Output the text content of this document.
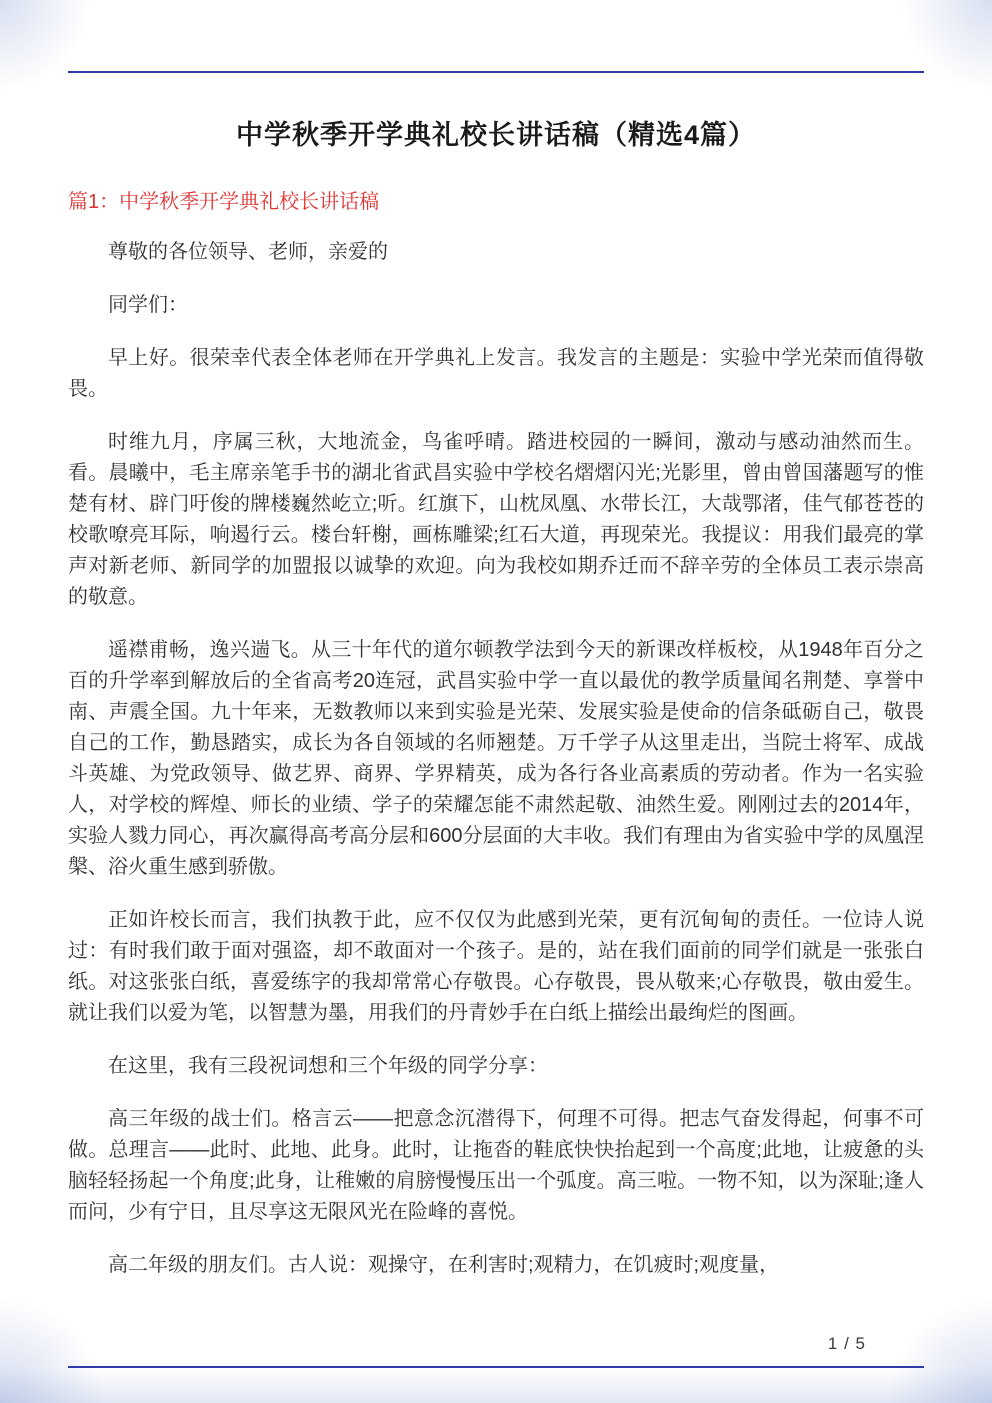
中学秋季开学典礼校长讲话稿（精选4篇）
篇1：中学秋季开学典礼校长讲话稿

尊敬的各位领导、老师，亲爱的

同学们：

早上好。很荣幸代表全体老师在开学典礼上发言。我发言的主题是：实验中学光荣而值得敬畏。

时维九月，序属三秋，大地流金，鸟雀呼晴。踏进校园的一瞬间，激动与感动油然而生。看。晨曦中，毛主席亲笔手书的湖北省武昌实验中学校名熠熠闪光;光影里，曾由曾国藩题写的惟楚有材、辟门吁俊的牌楼巍然屹立;听。红旗下，山枕凤凰、水带长江，大哉鄂渚，佳气郁苍苍的校歌嘹亮耳际，响遏行云。楼台轩榭，画栋雕梁;红石大道，再现荣光。我提议：用我们最亮的掌声对新老师、新同学的加盟报以诚挚的欢迎。向为我校如期乔迁而不辞辛劳的全体员工表示崇高的敬意。

遥襟甫畅，逸兴遄飞。从三十年代的道尔顿教学法到今天的新课改样板校，从1948年百分之百的升学率到解放后的全省高考20连冠，武昌实验中学一直以最优的教学质量闻名荆楚、享誉中南、声震全国。九十年来，无数教师以来到实验是光荣、发展实验是使命的信条砥砺自己，敬畏自己的工作，勤恳踏实，成长为各自领域的名师翘楚。万千学子从这里走出，当院士将军、成战斗英雄、为党政领导、做艺界、商界、学界精英，成为各行各业高素质的劳动者。作为一名实验人，对学校的辉煌、师长的业绩、学子的荣耀怎能不肃然起敬、油然生爱。刚刚过去的2014年，实验人戮力同心，再次赢得高考高分层和600分层面的大丰收。我们有理由为省实验中学的凤凰涅槃、浴火重生感到骄傲。

正如许校长而言，我们执教于此，应不仅仅为此感到光荣，更有沉甸甸的责任。一位诗人说过：有时我们敢于面对强盗，却不敢面对一个孩子。是的，站在我们面前的同学们就是一张张白纸。对这张张白纸，喜爱练字的我却常常心存敬畏。心存敬畏，畏从敬来;心存敬畏，敬由爱生。就让我们以爱为笔，以智慧为墨，用我们的丹青妙手在白纸上描绘出最绚烂的图画。

在这里，我有三段祝词想和三个年级的同学分享：

高三年级的战士们。格言云——把意念沉潜得下，何理不可得。把志气奋发得起，何事不可做。总理言——此时、此地、此身。此时，让拖沓的鞋底快快抬起到一个高度;此地，让疲惫的头脑轻轻扬起一个角度;此身，让稚嫩的肩膀慢慢压出一个弧度。高三啦。一物不知，以为深耻;逢人而问，少有宁日，且尽享这无限风光在险峰的喜悦。

高二年级的朋友们。古人说：观操守，在利害时;观精力，在饥疲时;观度量，

1 / 5
